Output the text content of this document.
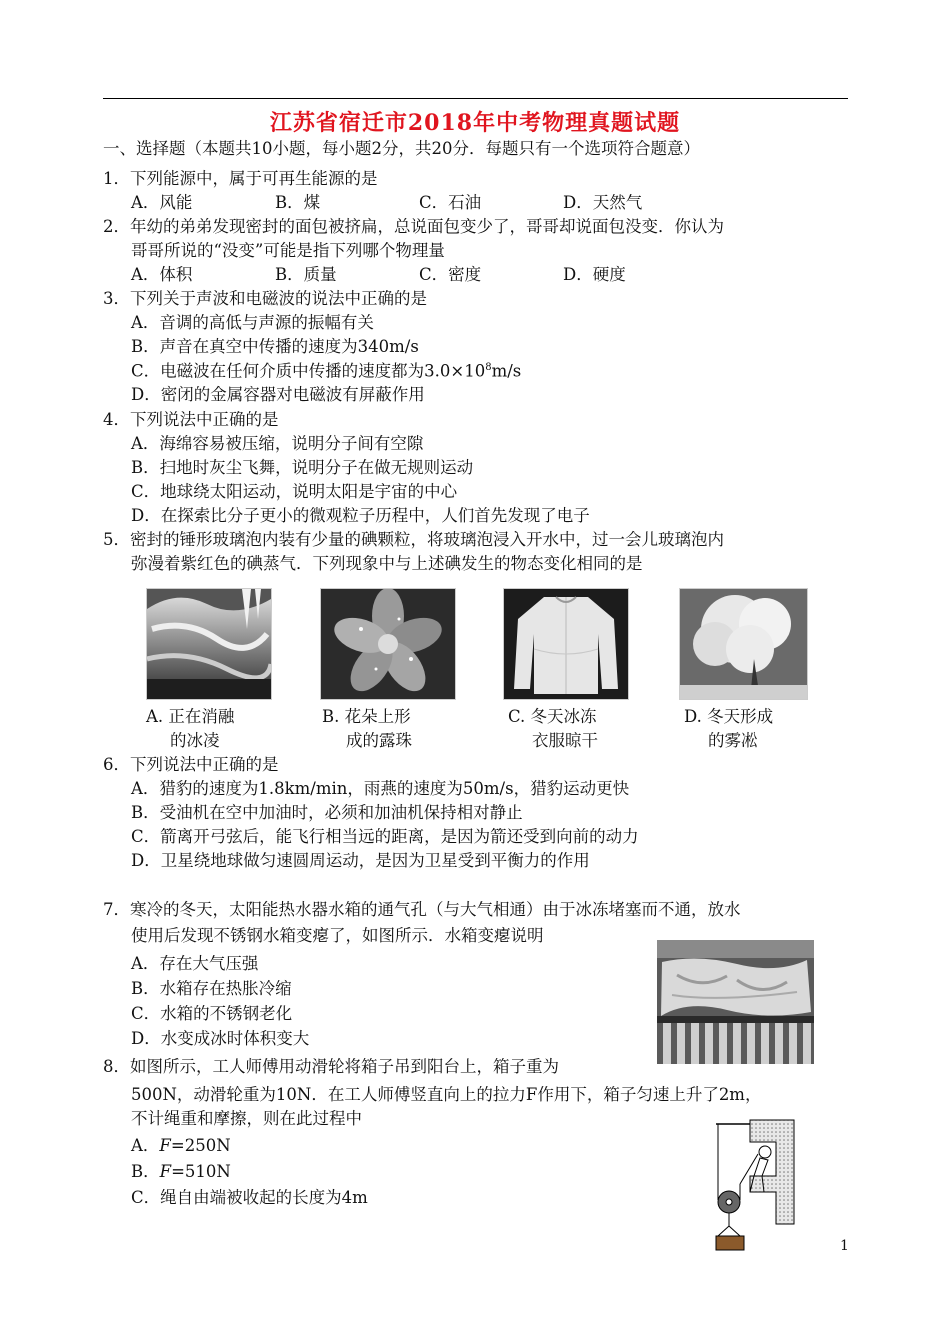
江苏省宿迁市2018年中考物理真题试题
一、选择题（本题共10小题，每小题2分，共20分．每题只有一个选项符合题意）
1．下列能源中，属于可再生能源的是
A．风能	B．煤	C．石油	D．天然气
2．年幼的弟弟发现密封的面包被挤扁，总说面包变少了，哥哥却说面包没变．你认为
哥哥所说的“没变”可能是指下列哪个物理量
A．体积	B．质量	C．密度	D．硬度
3．下列关于声波和电磁波的说法中正确的是
A．音调的高低与声源的振幅有关
B．声音在真空中传播的速度为340m/s
C．电磁波在任何介质中传播的速度都为$3.0\times 10^8m/s$
D．密闭的金属容器对电磁波有屏蔽作用
4．下列说法中正确的是
A．海绵容易被压缩，说明分子间有空隙
B．扫地时灰尘飞舞，说明分子在做无规则运动
C．地球绕太阳运动，说明太阳是宇宙的中心
D．在探索比分子更小的微观粒子历程中，人们首先发现了电子
5．密封的锤形玻璃泡内装有少量的碘颗粒，将玻璃泡浸入开水中，过一会儿玻璃泡内
弥漫着紫红色的碘蒸气．下列现象中与上述碘发生的物态变化相同的是
A. 正在消融
的冰凌
B. 花朵上形
成的露珠
C. 冬天冰冻
衣服晾干
D. 冬天形成
的雾凇
6．下列说法中正确的是
A．猎豹的速度为1.8km/min，雨燕的速度为50m/s，猎豹运动更快
B．受油机在空中加油时，必须和加油机保持相对静止
C．箭离开弓弦后，能飞行相当远的距离，是因为箭还受到向前的动力
D．卫星绕地球做匀速圆周运动，是因为卫星受到平衡力的作用
7．寒冷的冬天，太阳能热水器水箱的通气孔（与大气相通）由于冰冻堵塞而不通，放水
使用后发现不锈钢水箱变瘪了，如图所示．水箱变瘪说明
A．存在大气压强
B．水箱存在热胀冷缩
C．水箱的不锈钢老化
D．水变成冰时体积变大
8．如图所示，工人师傅用动滑轮将箱子吊到阳台上，箱子重为
500N，动滑轮重为10N．在工人师傅竖直向上的拉力F作用下，箱子匀速上升了2m，
不计绳重和摩擦，则在此过程中
A．F=250N
B．F=510N
C．绳自由端被收起的长度为4m
1
